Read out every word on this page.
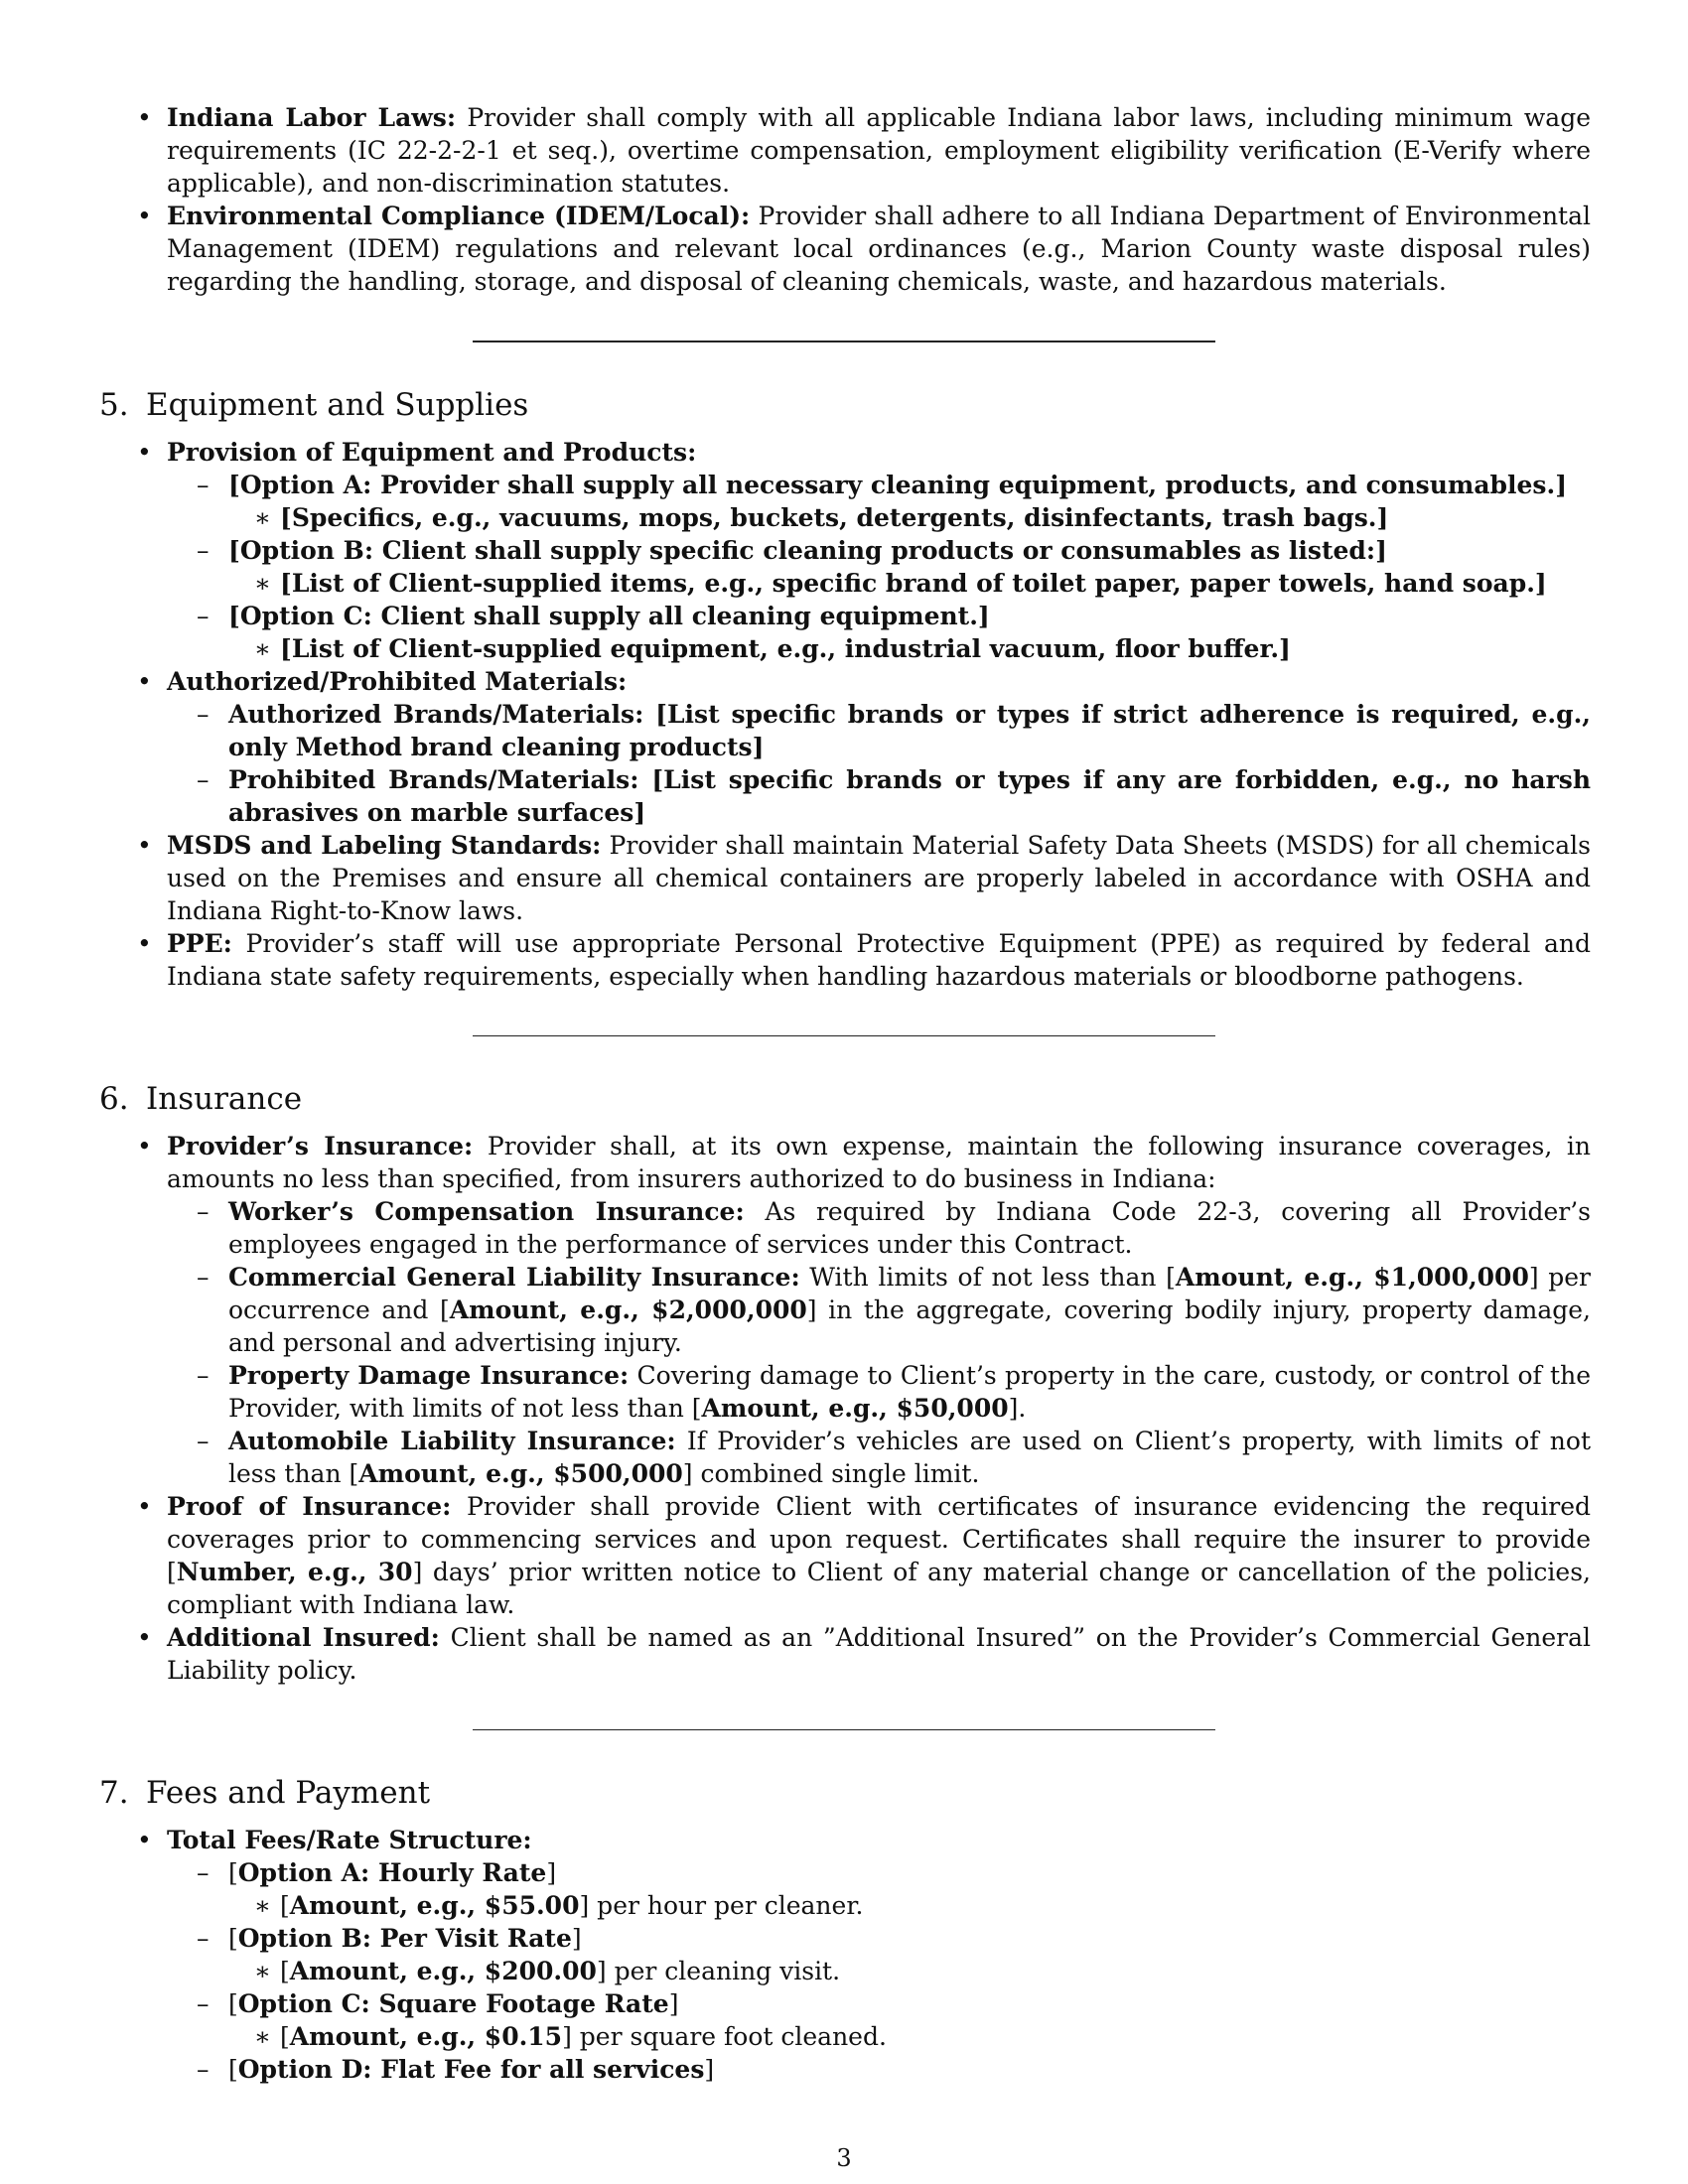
• Indiana Labor Laws: Provider shall comply with all applicable Indiana labor laws, including minimum wage requirements (IC 22-2-2-1 et seq.), overtime compensation, employment eligibility verification (E-Verify where applicable), and non-discrimination statutes.
• Environmental Compliance (IDEM/Local): Provider shall adhere to all Indiana Department of Environmental Management (IDEM) regulations and relevant local ordinances (e.g., Marion County waste disposal rules) regarding the handling, storage, and disposal of cleaning chemicals, waste, and hazardous materials.
5. Equipment and Supplies
• Provision of Equipment and Products:
– [Option A: Provider shall supply all necessary cleaning equipment, products, and consumables.]
∗ [Specifics, e.g., vacuums, mops, buckets, detergents, disinfectants, trash bags.]
– [Option B: Client shall supply specific cleaning products or consumables as listed:]
∗ [List of Client-supplied items, e.g., specific brand of toilet paper, paper towels, hand soap.]
– [Option C: Client shall supply all cleaning equipment.]
∗ [List of Client-supplied equipment, e.g., industrial vacuum, floor buffer.]
• Authorized/Prohibited Materials:
– Authorized Brands/Materials: [List specific brands or types if strict adherence is required, e.g., only Method brand cleaning products]
– Prohibited Brands/Materials: [List specific brands or types if any are forbidden, e.g., no harsh abrasives on marble surfaces]
• MSDS and Labeling Standards: Provider shall maintain Material Safety Data Sheets (MSDS) for all chemicals used on the Premises and ensure all chemical containers are properly labeled in accordance with OSHA and Indiana Right-to-Know laws.
• PPE: Provider’s staff will use appropriate Personal Protective Equipment (PPE) as required by federal and Indiana state safety requirements, especially when handling hazardous materials or bloodborne pathogens.
6. Insurance
• Provider’s Insurance: Provider shall, at its own expense, maintain the following insurance coverages, in amounts no less than specified, from insurers authorized to do business in Indiana:
– Worker’s Compensation Insurance: As required by Indiana Code 22-3, covering all Provider’s employees engaged in the performance of services under this Contract.
– Commercial General Liability Insurance: With limits of not less than [Amount, e.g., $1,000,000] per occurrence and [Amount, e.g., $2,000,000] in the aggregate, covering bodily injury, property damage, and personal and advertising injury.
– Property Damage Insurance: Covering damage to Client’s property in the care, custody, or control of the Provider, with limits of not less than [Amount, e.g., $50,000].
– Automobile Liability Insurance: If Provider’s vehicles are used on Client’s property, with limits of not less than [Amount, e.g., $500,000] combined single limit.
• Proof of Insurance: Provider shall provide Client with certificates of insurance evidencing the required coverages prior to commencing services and upon request. Certificates shall require the insurer to provide [Number, e.g., 30] days’ prior written notice to Client of any material change or cancellation of the policies, compliant with Indiana law.
• Additional Insured: Client shall be named as an ”Additional Insured” on the Provider’s Commercial General Liability policy.
7. Fees and Payment
• Total Fees/Rate Structure:
– [Option A: Hourly Rate]
∗ [Amount, e.g., $55.00] per hour per cleaner.
– [Option B: Per Visit Rate]
∗ [Amount, e.g., $200.00] per cleaning visit.
– [Option C: Square Footage Rate]
∗ [Amount, e.g., $0.15] per square foot cleaned.
– [Option D: Flat Fee for all services]
3
